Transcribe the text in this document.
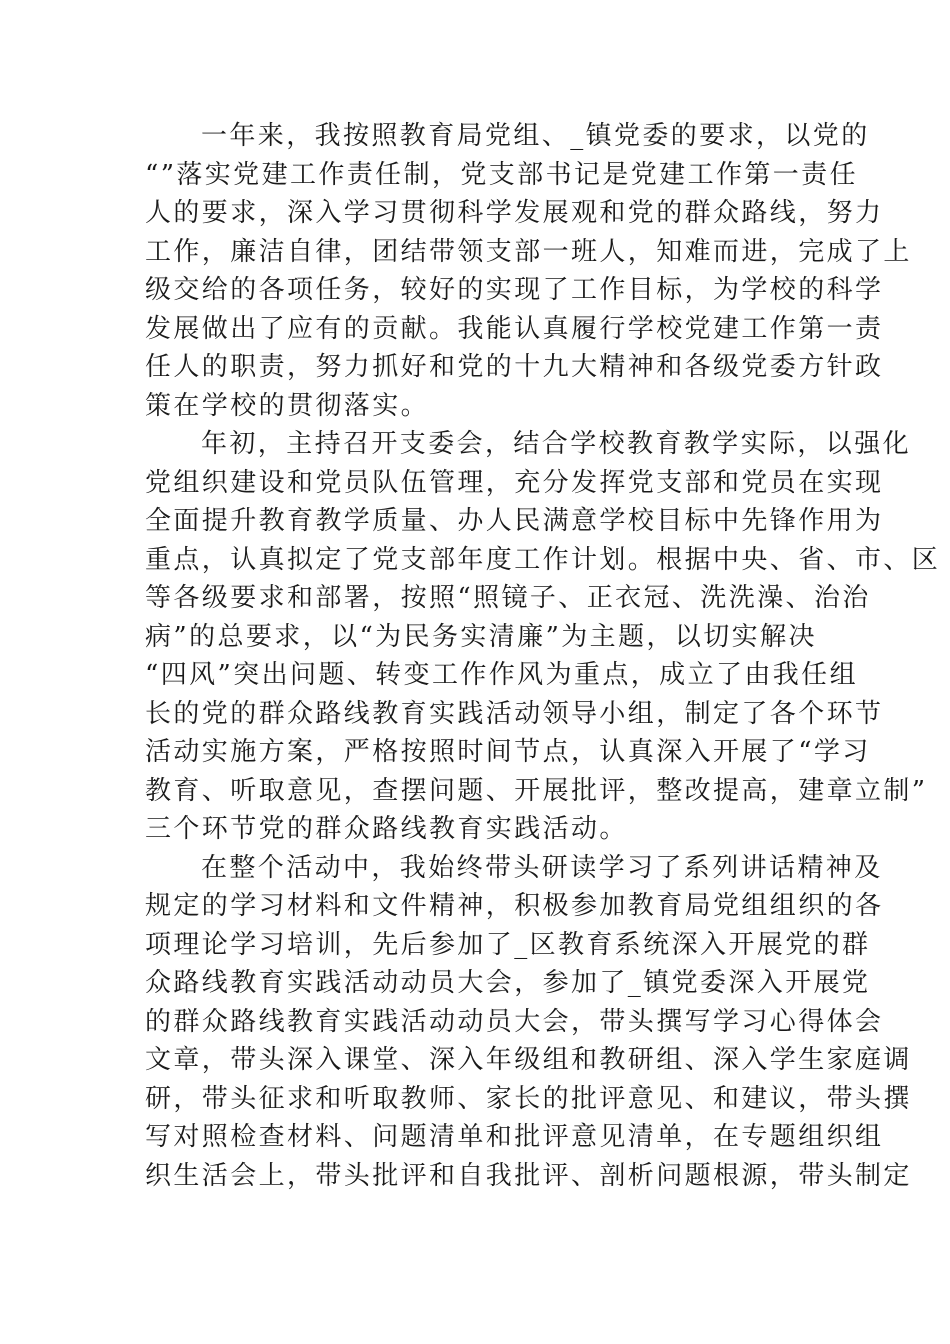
一年来，我按照教育局党组、_镇党委的要求，以党的
“”落实党建工作责任制，党支部书记是党建工作第一责任
人的要求，深入学习贯彻科学发展观和党的群众路线，努力
工作，廉洁自律，团结带领支部一班人，知难而进，完成了上
级交给的各项任务，较好的实现了工作目标，为学校的科学
发展做出了应有的贡献。我能认真履行学校党建工作第一责
任人的职责，努力抓好和党的十九大精神和各级党委方针政
策在学校的贯彻落实。

年初，主持召开支委会，结合学校教育教学实际，以强化
党组织建设和党员队伍管理，充分发挥党支部和党员在实现
全面提升教育教学质量、办人民满意学校目标中先锋作用为
重点，认真拟定了党支部年度工作计划。根据中央、省、市、区
等各级要求和部署，按照“照镜子、正衣冠、洗洗澡、治治
病”的总要求，以“为民务实清廉”为主题，以切实解决
“四风”突出问题、转变工作作风为重点，成立了由我任组
长的党的群众路线教育实践活动领导小组，制定了各个环节
活动实施方案，严格按照时间节点，认真深入开展了“学习
教育、听取意见，查摆问题、开展批评，整改提高，建章立制”
三个环节党的群众路线教育实践活动。

在整个活动中，我始终带头研读学习了系列讲话精神及
规定的学习材料和文件精神，积极参加教育局党组组织的各
项理论学习培训，先后参加了_区教育系统深入开展党的群
众路线教育实践活动动员大会，参加了_镇党委深入开展党
的群众路线教育实践活动动员大会，带头撰写学习心得体会
文章，带头深入课堂、深入年级组和教研组、深入学生家庭调
研，带头征求和听取教师、家长的批评意见、和建议，带头撰
写对照检查材料、问题清单和批评意见清单，在专题组织组
织生活会上，带头批评和自我批评、剖析问题根源，带头制定
